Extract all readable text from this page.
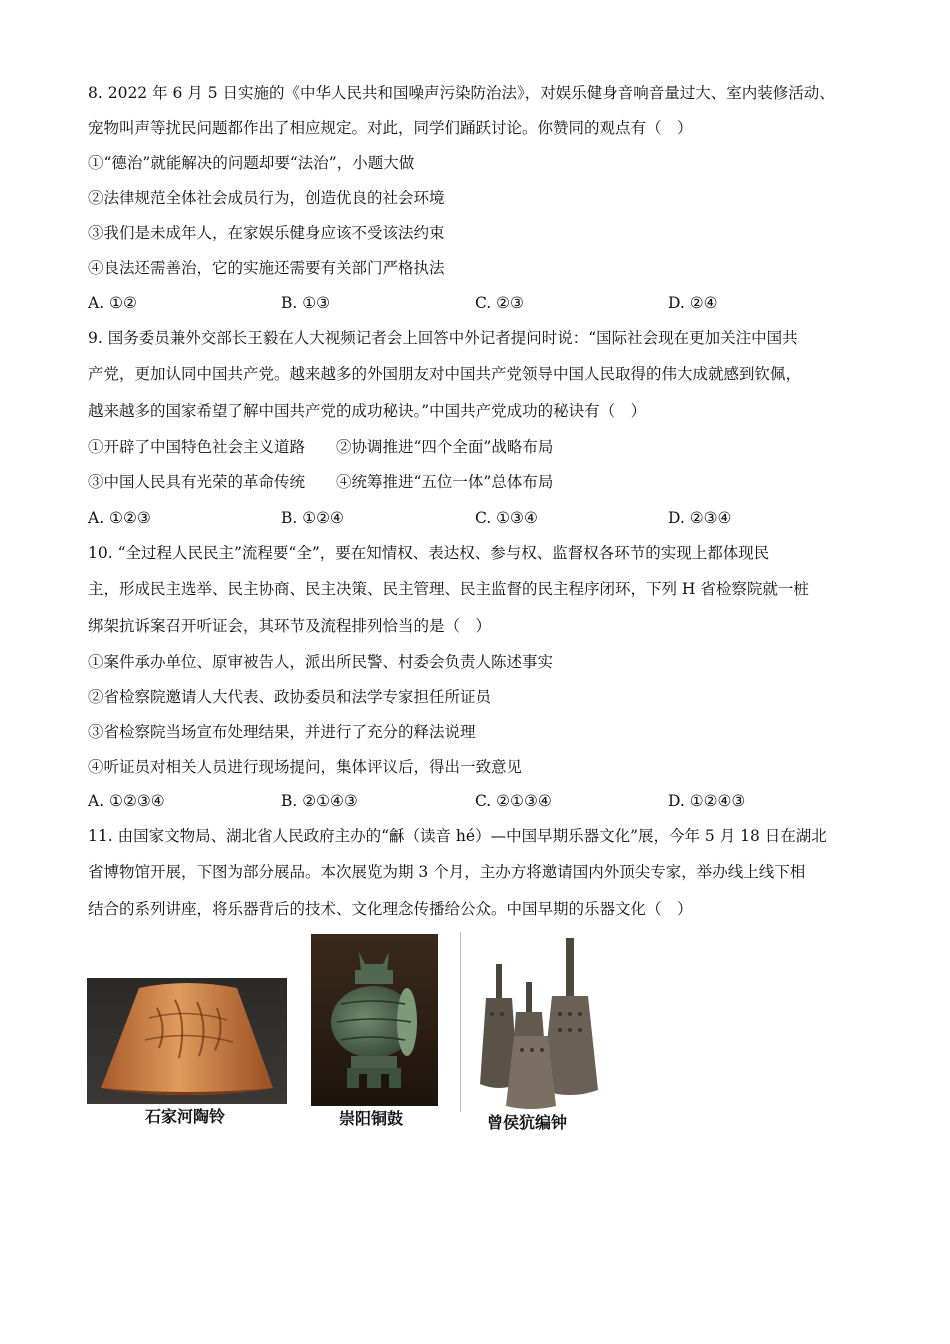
8. 2022 年 6 月 5 日实施的《中华人民共和国噪声污染防治法》，对娱乐健身音响音量过大、室内装修活动、
宠物叫声等扰民问题都作出了相应规定。对此，同学们踊跃讨论。你赞同的观点有（　）
①“德治”就能解决的问题却要“法治”，小题大做
②法律规范全体社会成员行为，创造优良的社会环境
③我们是未成年人，在家娱乐健身应该不受该法约束
④良法还需善治，它的实施还需要有关部门严格执法
A. ①②	B. ①③	C. ②③	D. ②④
9. 国务委员兼外交部长王毅在人大视频记者会上回答中外记者提问时说：“国际社会现在更加关注中国共
产党，更加认同中国共产党。越来越多的外国朋友对中国共产党领导中国人民取得的伟大成就感到钦佩，
越来越多的国家希望了解中国共产党的成功秘诀。”中国共产党成功的秘诀有（　）
①开辟了中国特色社会主义道路　　②协调推进“四个全面”战略布局
③中国人民具有光荣的革命传统　　④统筹推进“五位一体”总体布局
A. ①②③	B. ①②④	C. ①③④	D. ②③④
10. “全过程人民民主”流程要“全”，要在知情权、表达权、参与权、监督权各环节的实现上都体现民
主，形成民主选举、民主协商、民主决策、民主管理、民主监督的民主程序闭环，下列 H 省检察院就一桩
绑架抗诉案召开听证会，其环节及流程排列恰当的是（　）
①案件承办单位、原审被告人，派出所民警、村委会负责人陈述事实
②省检察院邀请人大代表、政协委员和法学专家担任所证员
③省检察院当场宣布处理结果，并进行了充分的释法说理
④听证员对相关人员进行现场提问，集体评议后，得出一致意见
A. ①②③④	B. ②①④③	C. ②①③④	D. ①②④③
11. 由国家文物局、湖北省人民政府主办的“龢（读音 hé）—中国早期乐器文化”展，今年 5 月 18 日在湖北
省博物馆开展，下图为部分展品。本次展览为期 3 个月，主办方将邀请国内外顶尖专家，举办线上线下相
结合的系列讲座，将乐器背后的技术、文化理念传播给公众。中国早期的乐器文化（　）
石家河陶铃	崇阳铜鼓	曾侯犺编钟
